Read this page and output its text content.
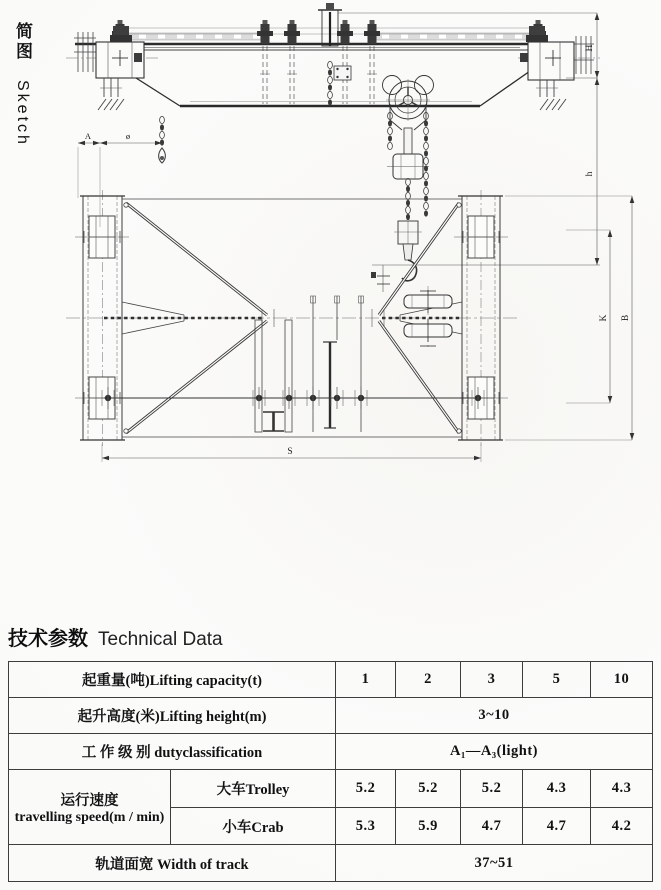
简图 Sketch
H
h
A	ø
S
K B
技术参数 Technical Data
起重量(吨)Lifting capacity(t)		1	2	3	5	10
起升高度(米)Lifting height(m)		3~10				
工 作 级 别 dutyclassification		A₁—A₃(light)				

运行速度
travelling speed(m / min)	大车Trolley	5.2	5.2	5.2	4.3	4.3
	小车Crab	5.3	5.9	4.7	4.7	4.2
轨道面宽 Width of track		37~51				
